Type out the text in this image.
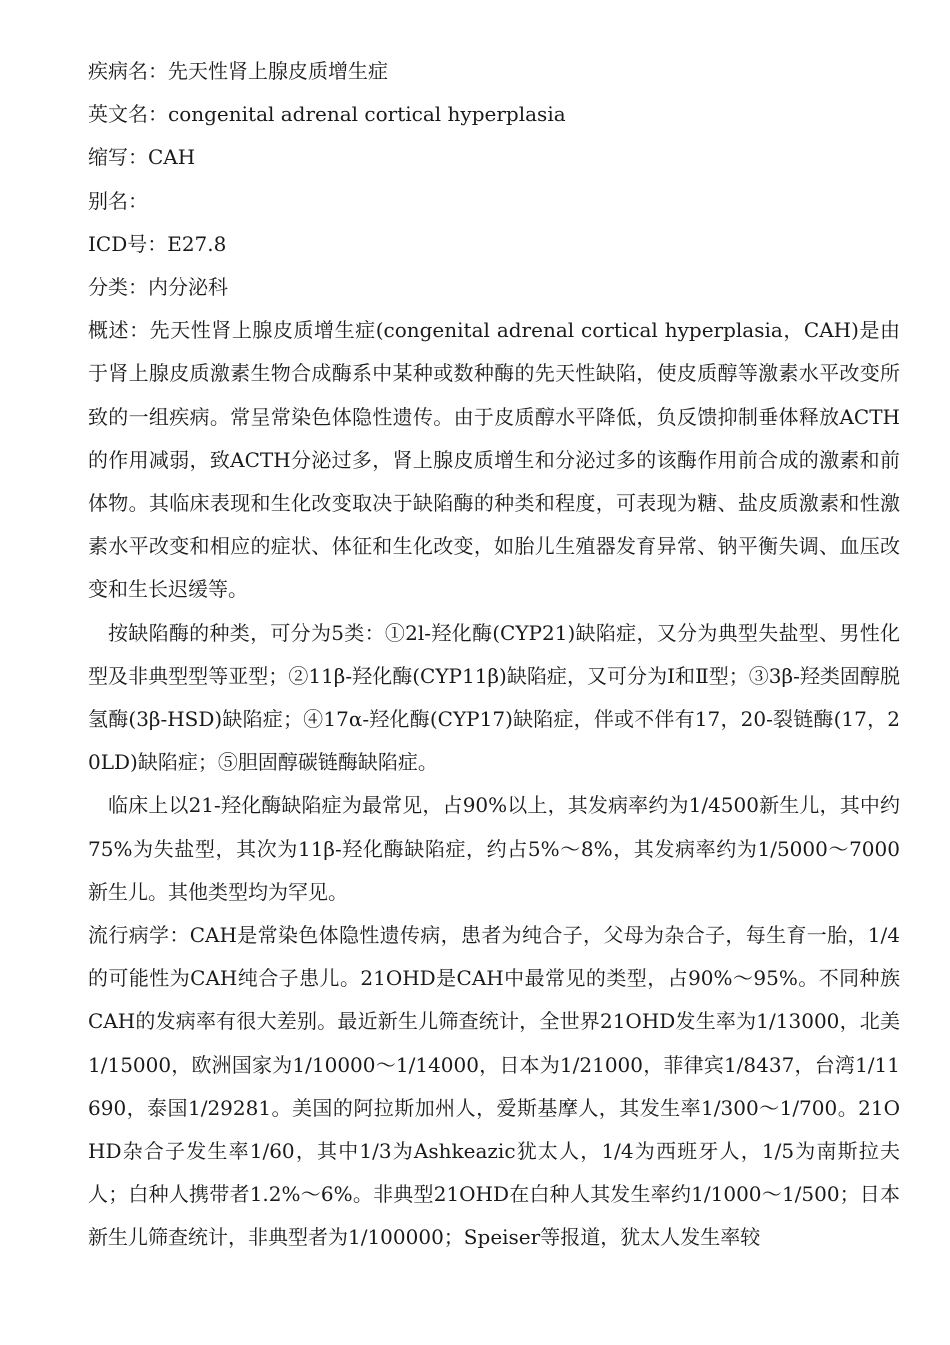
疾病名：先天性肾上腺皮质增生症

英文名：congenital adrenal cortical hyperplasia

缩写：CAH

别名：

ICD号：E27.8

分类：内分泌科

概述：先天性肾上腺皮质增生症(congenital adrenal cortical hyperplasia，CAH)是由于肾上腺皮质激素生物合成酶系中某种或数种酶的先天性缺陷，使皮质醇等激素水平改变所致的一组疾病。常呈常染色体隐性遗传。由于皮质醇水平降低，负反馈抑制垂体释放ACTH的作用减弱，致ACTH分泌过多，肾上腺皮质增生和分泌过多的该酶作用前合成的激素和前体物。其临床表现和生化改变取决于缺陷酶的种类和程度，可表现为糖、盐皮质激素和性激素水平改变和相应的症状、体征和生化改变，如胎儿生殖器发育异常、钠平衡失调、血压改变和生长迟缓等。

按缺陷酶的种类，可分为5类：①2l-羟化酶(CYP21)缺陷症，又分为典型失盐型、男性化型及非典型型等亚型；②11β-羟化酶(CYP11β)缺陷症，又可分为Ⅰ和Ⅱ型；③3β-羟类固醇脱氢酶(3β-HSD)缺陷症；④17α-羟化酶(CYP17)缺陷症，伴或不伴有17，20-裂链酶(17，20LD)缺陷症；⑤胆固醇碳链酶缺陷症。

临床上以21-羟化酶缺陷症为最常见，占90%以上，其发病率约为1/4500新生儿，其中约75%为失盐型，其次为11β-羟化酶缺陷症，约占5%～8%，其发病率约为1/5000～7000新生儿。其他类型均为罕见。

流行病学：CAH是常染色体隐性遗传病，患者为纯合子，父母为杂合子，每生育一胎，1/4的可能性为CAH纯合子患儿。21OHD是CAH中最常见的类型，占90%～95%。不同种族CAH的发病率有很大差别。最近新生儿筛查统计，全世界21OHD发生率为1/13000，北美1/15000，欧洲国家为1/10000～1/14000，日本为1/21000，菲律宾1/8437，台湾1/11690，泰国1/29281。美国的阿拉斯加州人，爱斯基摩人，其发生率1/300～1/700。21OHD杂合子发生率1/60，其中1/3为Ashkeazic犹太人，1/4为西班牙人，1/5为南斯拉夫人；白种人携带者1.2%～6%。非典型21OHD在白种人其发生率约1/1000～1/500；日本新生儿筛查统计，非典型者为1/100000；Speiser等报道，犹太人发生率较
